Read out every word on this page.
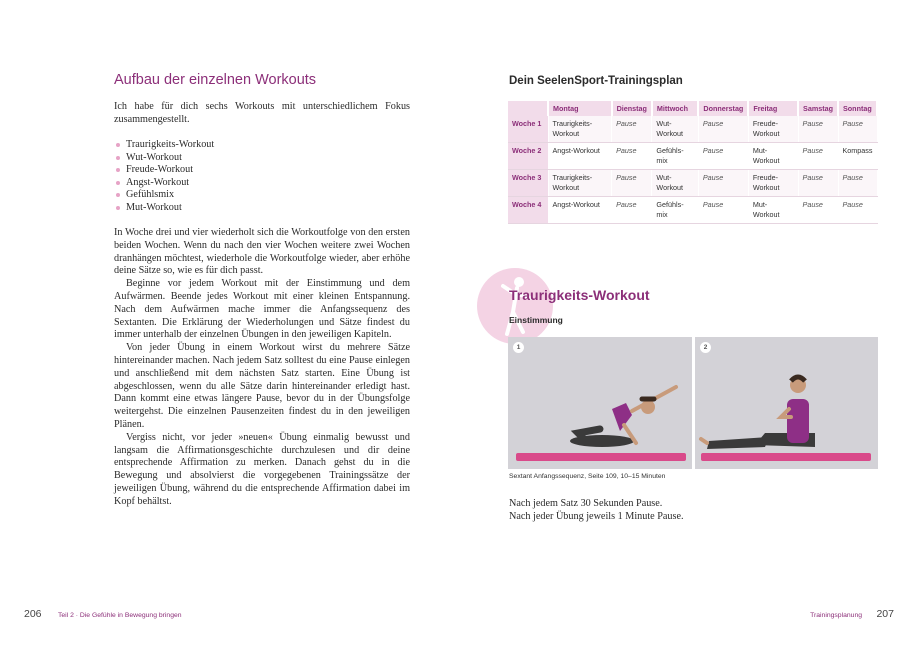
Aufbau der einzelnen Workouts

Ich habe für dich sechs Workouts mit unterschiedlichem Fokus zusammengestellt.

Traurigkeits-Workout
Wut-Workout
Freude-Workout
Angst-Workout
Gefühlsmix
Mut-Workout

In Woche drei und vier wiederholt sich die Workoutfolge von den ersten beiden Wochen. Wenn du nach den vier Wochen weitere zwei Wochen dranhängen möchtest, wiederhole die Workoutfolge wieder, aber erhöhe deine Sätze so, wie es für dich passt.

Beginne vor jedem Workout mit der Einstimmung und dem Aufwärmen. Beende jedes Workout mit einer kleinen Entspannung. Nach dem Aufwärmen mache immer die Anfangssequenz des Sextanten. Die Erklärung der Wiederholungen und Sätze findest du immer unterhalb der einzelnen Übungen in den jeweiligen Kapiteln.

Von jeder Übung in einem Workout wirst du mehrere Sätze hintereinander machen. Nach jedem Satz solltest du eine Pause einlegen und anschließend mit dem nächsten Satz starten. Eine Übung ist abgeschlossen, wenn du alle Sätze darin hintereinander erledigt hast. Dann kommt eine etwas längere Pause, bevor du in der Übungsfolge weitergehst. Die einzelnen Pausenzeiten findest du in den jeweiligen Plänen.

Vergiss nicht, vor jeder »neuen« Übung einmalig bewusst und langsam die Affirmationsgeschichte durchzulesen und dir deine entsprechende Affirmation zu merken. Danach gehst du in die Bewegung und absolvierst die vorgegebenen Trainingssätze der jeweiligen Übung, während du die entsprechende Affirmation dabei im Kopf behältst.

206 Teil 2 · Die Gefühle in Bewegung bringen
Dein SeelenSport-Trainingsplan
	Montag	Dienstag	Mittwoch	Donnerstag	Freitag	Samstag	Sonntag
Woche 1	Traurigkeits-Workout	Pause	Wut-Workout	Pause	Freude-Workout	Pause	Pause
Woche 2	Angst-Workout	Pause	Gefühls-mix	Pause	Mut-Workout	Pause	Kompass
Woche 3	Traurigkeits-Workout	Pause	Wut-Workout	Pause	Freude-Workout	Pause	Pause
Woche 4	Angst-Workout	Pause	Gefühls-mix	Pause	Mut-Workout	Pause	Pause
Traurigkeits-Workout
Einstimmung
1	2

Sextant Anfangssequenz, Seite 109, 10–15 Minuten

Nach jedem Satz 30 Sekunden Pause.
Nach jeder Übung jeweils 1 Minute Pause.
Trainingsplanung 207
